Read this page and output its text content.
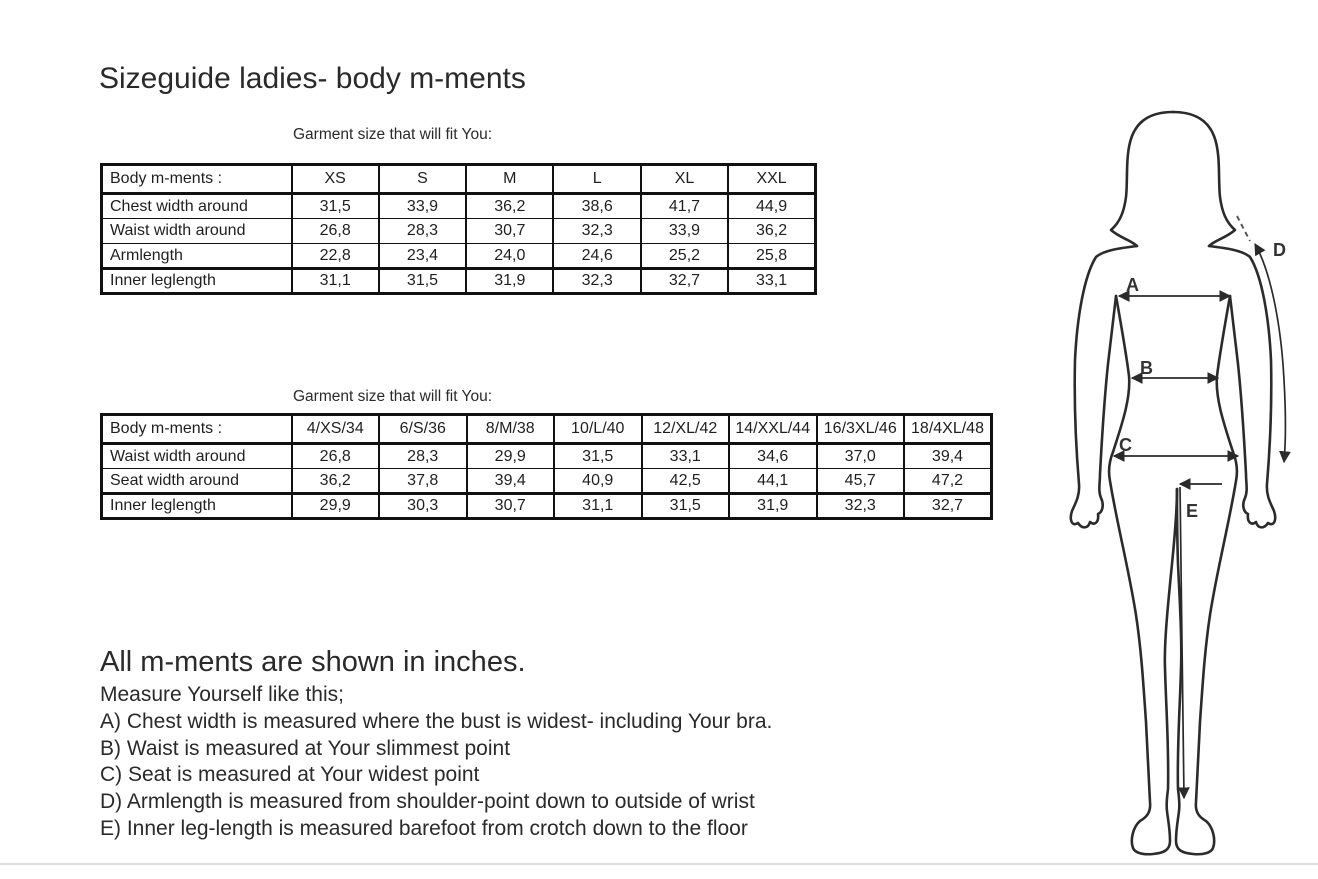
Sizeguide ladies- body m-ments
Garment size that will fit You:
Body m-ments :	XS	S	M	L	XL	XXL
Chest width around	31,5	33,9	36,2	38,6	41,7	44,9
Waist width around	26,8	28,3	30,7	32,3	33,9	36,2
Armlength	22,8	23,4	24,0	24,6	25,2	25,8
Inner leglength	31,1	31,5	31,9	32,3	32,7	33,1
Garment size that will fit You:
Body m-ments :	4/XS/34	6/S/36	8/M/38	10/L/40	12/XL/42	14/XXL/44	16/3XL/46	18/4XL/48
Waist width around	26,8	28,3	29,9	31,5	33,1	34,6	37,0	39,4
Seat width around	36,2	37,8	39,4	40,9	42,5	44,1	45,7	47,2
Inner leglength	29,9	30,3	30,7	31,1	31,5	31,9	32,3	32,7
All m-ments are shown in inches.
Measure Yourself like this;
A) Chest width is measured where the bust is widest- including Your bra.
B) Waist is measured at Your slimmest point
C) Seat is measured at Your widest point
D) Armlength is measured from shoulder-point down to outside of wrist
E) Inner leg-length is measured barefoot from crotch down to the floor
A
B
C
D
E
